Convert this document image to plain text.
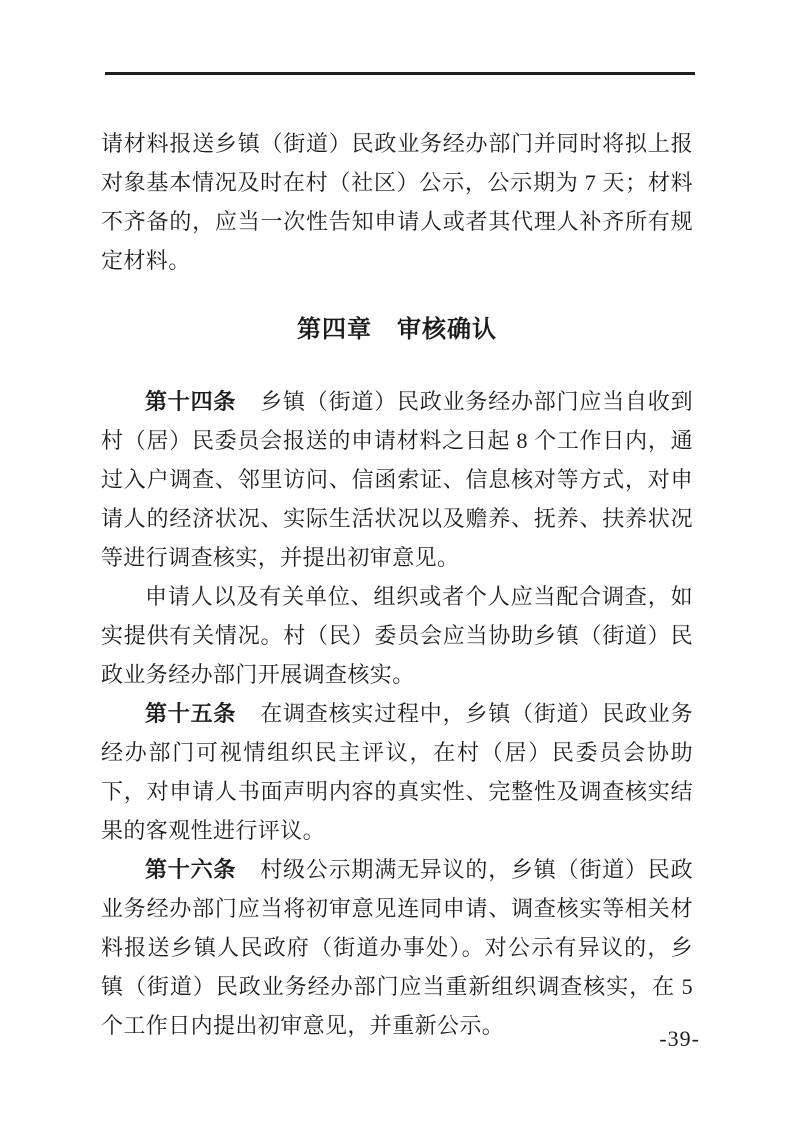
请材料报送乡镇（街道）民政业务经办部门并同时将拟上报对象基本情况及时在村（社区）公示，公示期为 7 天；材料不齐备的，应当一次性告知申请人或者其代理人补齐所有规定材料。

第四章　审核确认

第十四条 乡镇（街道）民政业务经办部门应当自收到村（居）民委员会报送的申请材料之日起 8 个工作日内，通过入户调查、邻里访问、信函索证、信息核对等方式，对申请人的经济状况、实际生活状况以及赡养、抚养、扶养状况等进行调查核实，并提出初审意见。

申请人以及有关单位、组织或者个人应当配合调查，如实提供有关情况。村（民）委员会应当协助乡镇（街道）民政业务经办部门开展调查核实。

第十五条 在调查核实过程中，乡镇（街道）民政业务经办部门可视情组织民主评议，在村（居）民委员会协助下，对申请人书面声明内容的真实性、完整性及调查核实结果的客观性进行评议。

第十六条 村级公示期满无异议的，乡镇（街道）民政业务经办部门应当将初审意见连同申请、调查核实等相关材料报送乡镇人民政府（街道办事处）。对公示有异议的，乡镇（街道）民政业务经办部门应当重新组织调查核实，在 5 个工作日内提出初审意见，并重新公示。

-39-
